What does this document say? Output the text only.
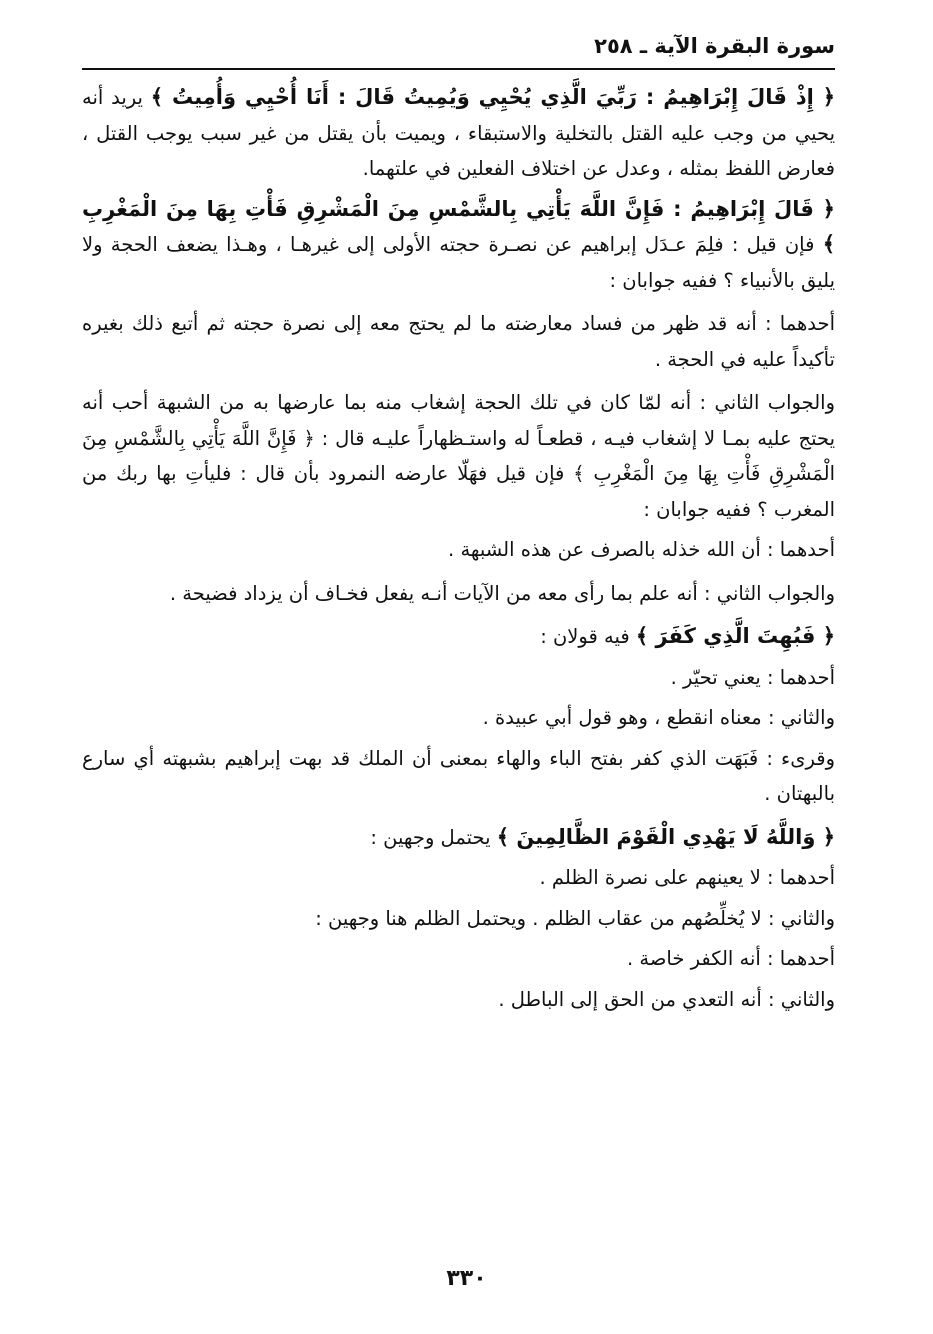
سورة البقرة الآية ـ ٢٥٨

﴿ إِذْ قَالَ إِبْرَاهِيمُ : رَبِّيَ الَّذِي يُحْيِي وَيُمِيتُ قَالَ : أَنَا أُحْيِي وَأُمِيتُ ﴾ يريد أنه يحيي من وجب عليه القتل بالتخلية والاستبقاء ، ويميت بأن يقتل من غير سبب يوجب القتل ، فعارض اللفظ بمثله ، وعدل عن اختلاف الفعلين في علتهما.

﴿ قَالَ إِبْرَاهِيمُ : فَإِنَّ اللَّهَ يَأْتِي بِالشَّمْسِ مِنَ الْمَشْرِقِ فَأْتِ بِهَا مِنَ الْمَغْرِبِ ﴾ فإن قيل : فلِمَ عـدَل إبراهيم عن نصـرة حجته الأولى إلى غيرهـا ، وهـذا يضعف الحجة ولا يليق بالأنبياء ؟ ففيه جوابان :

أحدهما : أنه قد ظهر من فساد معارضته ما لم يحتج معه إلى نصرة حجته ثم أتبع ذلك بغيره تأكيداً عليه في الحجة .

والجواب الثاني : أنه لمّا كان في تلك الحجة إشغاب منه بما عارضها به من الشبهة أحب أنه يحتج عليه بمـا لا إشغاب فيـه ، قطعـاً له واستـظهاراً عليـه قال : ﴿ فَإِنَّ اللَّهَ يَأْتِي بِالشَّمْسِ مِنَ الْمَشْرِقِ فَأْتِ بِهَا مِنَ الْمَغْرِبِ ﴾ فإن قيل فهَلّا عارضه النمرود بأن قال : فليأتِ بها ربك من المغرب ؟ ففيه جوابان :

أحدهما : أن الله خذله بالصرف عن هذه الشبهة .

والجواب الثاني : أنه علم بما رأى معه من الآيات أنـه يفعل فخـاف أن يزداد فضيحة .

﴿ فَبُهِتَ الَّذِي كَفَرَ ﴾ فيه قولان :

أحدهما : يعني تحيّر .

والثاني : معناه انقطع ، وهو قول أبي عبيدة .

وقرىء : فَبَهَت الذي كفر بفتح الباء والهاء بمعنى أن الملك قد بهت إبراهيم بشبهته أي سارع بالبهتان .

﴿ وَاللَّهُ لَا يَهْدِي الْقَوْمَ الظَّالِمِينَ ﴾ يحتمل وجهين :

أحدهما : لا يعينهم على نصرة الظلم .

والثاني : لا يُخلِّصُهم من عقاب الظلم . ويحتمل الظلم هنا وجهين :

أحدهما : أنه الكفر خاصة .

والثاني : أنه التعدي من الحق إلى الباطل .

٣٣٠
